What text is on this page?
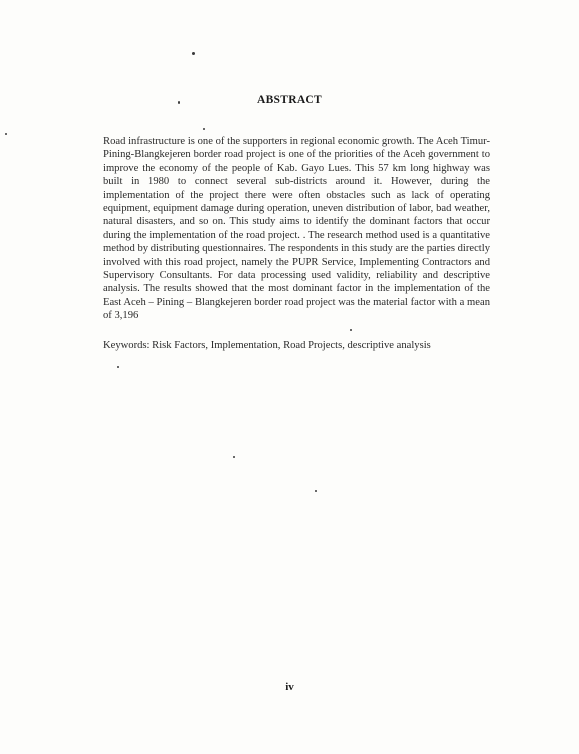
ABSTRACT

Road infrastructure is one of the supporters in regional economic growth. The Aceh Timur-Pining-Blangkejeren border road project is one of the priorities of the Aceh government to improve the economy of the people of Kab. Gayo Lues. This 57 km long highway was built in 1980 to connect several sub-districts around it. However, during the implementation of the project there were often obstacles such as lack of operating equipment, equipment damage during operation, uneven distribution of labor, bad weather, natural disasters, and so on. This study aims to identify the dominant factors that occur during the implementation of the road project. . The research method used is a quantitative method by distributing questionnaires. The respondents in this study are the parties directly involved with this road project, namely the PUPR Service, Implementing Contractors and Supervisory Consultants. For data processing used validity, reliability and descriptive analysis. The results showed that the most dominant factor in the implementation of the East Aceh – Pining – Blangkejeren border road project was the material factor with a mean of 3,196

Keywords: Risk Factors, Implementation, Road Projects, descriptive analysis

iv
